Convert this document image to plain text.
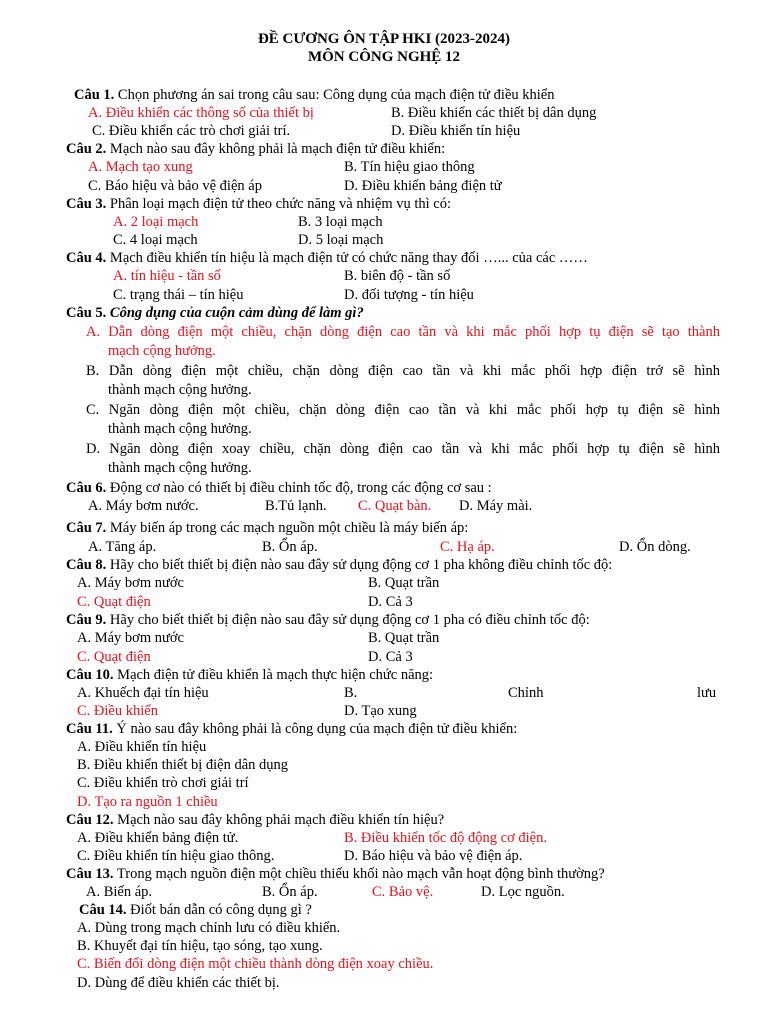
ĐỀ CƯƠNG ÔN TẬP HKI (2023-2024)
MÔN CÔNG NGHỆ 12
Câu 1. Chọn phương án sai trong câu sau: Công dụng của mạch điện tử điều khiển
A. Điều khiển các thông số của thiết bị	B. Điều khiển các thiết bị dân dụng
C. Điều khiển các trò chơi giải trí.	D. Điều khiển tín hiệu
Câu 2. Mạch nào sau đây không phải là mạch điện tử điều khiển:
A. Mạch tạo xung	B. Tín hiệu giao thông
C. Báo hiệu và bảo vệ điện áp	D. Điều khiển bảng điện tử
Câu 3. Phân loại mạch điện tử theo chức năng và nhiệm vụ thì có:
A. 2 loại mạch	B. 3 loại mạch
C. 4 loại mạch	D. 5 loại mạch
Câu 4. Mạch điều khiển tín hiệu là mạch điện tử có chức năng thay đổi …... của các ……
A. tín hiệu - tần số	B. biên độ - tần số
C. trạng thái – tín hiệu	D. đối tượng - tín hiệu
Câu 5. Công dụng của cuộn cảm dùng để làm gì?
A. Dẫn dòng điện một chiều, chặn dòng điện cao tần và khi mắc phối hợp tụ điện sẽ tạo thành
mạch cộng hưởng.
B. Dẫn dòng điện một chiều, chặn dòng điện cao tần và khi mắc phối hợp điện trở sẽ hình
thành mạch cộng hưởng.
C. Ngăn dòng điện một chiều, chặn dòng điện cao tần và khi mắc phối hợp tụ điện sẽ hình
thành mạch cộng hưởng.
D. Ngăn dòng điện xoay chiều, chặn dòng điện cao tần và khi mắc phối hợp tụ điện sẽ hình
thành mạch cộng hưởng.
Câu 6. Động cơ nào có thiết bị điều chỉnh tốc độ, trong các động cơ sau :
A. Máy bơm nước.	B.Tủ lạnh. C. Quạt bàn. D. Máy mài.
Câu 7. Máy biến áp trong các mạch nguồn một chiều là máy biến áp:
A. Tăng áp.	B. Ổn áp.	C. Hạ áp.	D. Ổn dòng.
Câu 8. Hãy cho biết thiết bị điện nào sau đây sử dụng động cơ 1 pha không điều chỉnh tốc độ:
A. Máy bơm nước	B. Quạt trần
C. Quạt điện	D. Cả 3
Câu 9. Hãy cho biết thiết bị điện nào sau đây sử dụng động cơ 1 pha có điều chỉnh tốc độ:
A. Máy bơm nước	B. Quạt trần
C. Quạt điện	D. Cả 3
Câu 10. Mạch điện tử điều khiển là mạch thực hiện chức năng:
A. Khuếch đại tín hiệu	B.	Chỉnh	lưu
C. Điều khiển	D. Tạo xung
Câu 11. Ý nào sau đây không phải là công dụng của mạch điện tử điều khiển:
A. Điều khiển tín hiệu
B. Điều khiển thiết bị điện dân dụng
C. Điều khiển trò chơi giải trí
D. Tạo ra nguồn 1 chiều
Câu 12. Mạch nào sau đây không phải mạch điều khiển tín hiệu?
A. Điều khiển bảng điện tử.	B. Điều khiển tốc độ động cơ điện.
C. Điều khiển tín hiệu giao thông.	D. Báo hiệu và bảo vệ điện áp.
Câu 13. Trong mạch nguồn điện một chiều thiếu khối nào mạch vẫn hoạt động bình thường?
A. Biến áp.	B. Ổn áp.	C. Bảo vệ.	D. Lọc nguồn.
Câu 14. Điốt bán dẫn có công dụng gì ?
A. Dùng trong mạch chỉnh lưu có điều khiển.
B. Khuyết đại tín hiệu, tạo sóng, tạo xung.
C. Biến đổi dòng điện một chiều thành dòng điện xoay chiều.
D. Dùng để điều khiển các thiết bị.
